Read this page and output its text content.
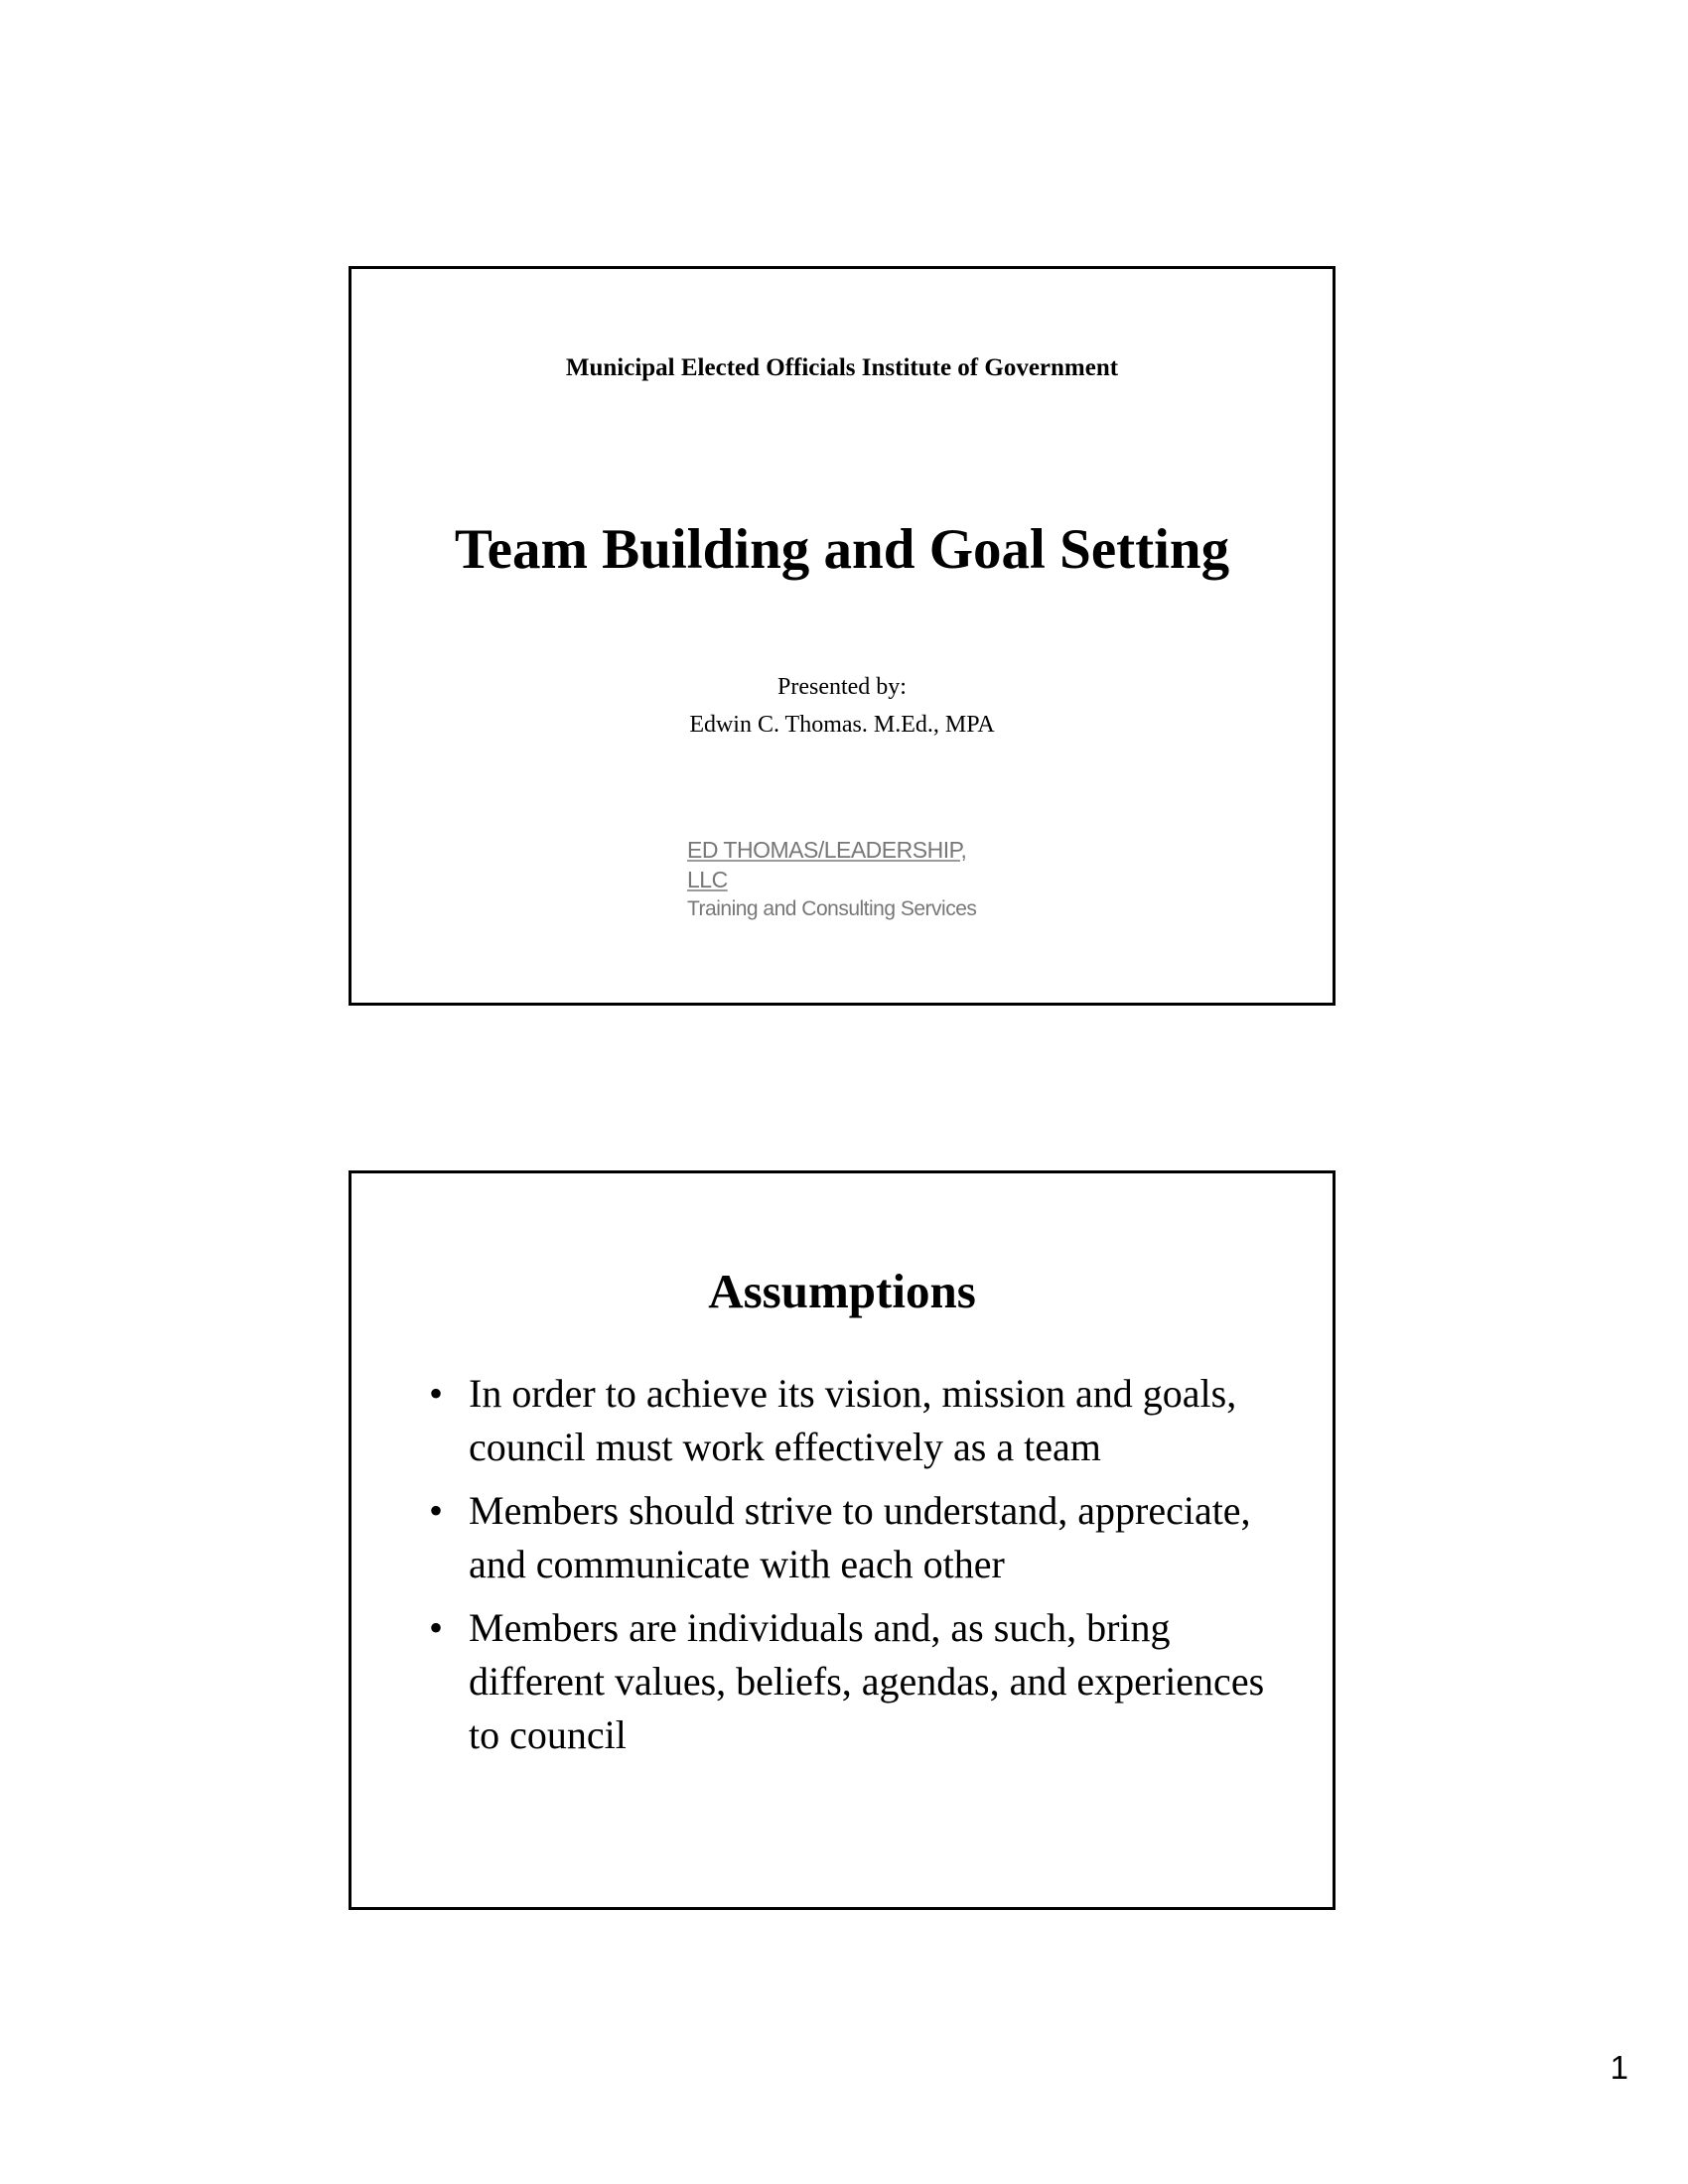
Municipal Elected Officials Institute of Government
Team Building and Goal Setting
Presented by:
Edwin C. Thomas. M.Ed., MPA
ED THOMAS/LEADERSHIP, LLC
Training and Consulting Services
Assumptions
• In order to achieve its vision, mission and goals, council must work effectively as a team
• Members should strive to understand, appreciate, and communicate with each other
• Members are individuals and, as such, bring different values, beliefs, agendas, and experiences to council
1
